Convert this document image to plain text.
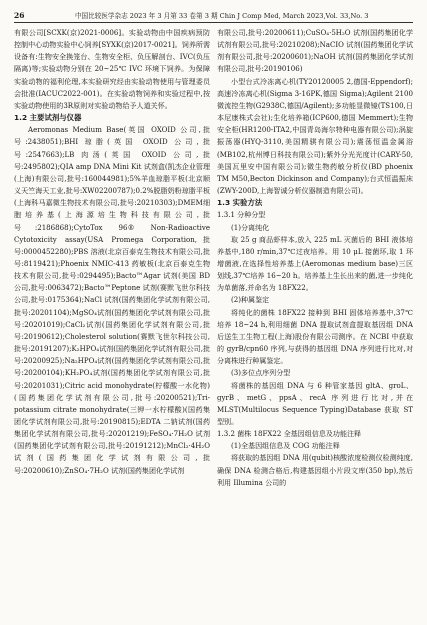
26	中国比较医学杂志 2023 年 3 月第 33 卷第 3 期 Chin J Comp Med, March 2023,Vol. 33,No. 3

有限公司[SCXK(京)2021-0006]。实验动物由中国疾病预防控制中心动物实验中心饲养[SYXK(京)2017-0021]。饲养所需设备有:生物安全换笼台、生物安全柜、负压解剖台、IVC(负压隔离)等;实验动物分别在 20~25℃ IVC 环境下饲养。为保障实验动物的福利伦理,本实验研究经由实验动物使用与管理委员会批准(IACUC2022-001)。在实验动物饲养和实验过程中,按实验动物使用的3R原则对实验动物给予人道关怀。

1.2 主要试剂与仪器

Aeromonas Medium Base(英国 OXOID 公司,批号:2438051);BHI 琼脂(英国 OXOID 公司,批号:2547663);LB 肉汤(英国 OXOID 公司,批号:2495802);QIA amp DNA Mini Kit 试剂盒(凯杰企业管理(上海)有限公司,批号:160044981);5%羊血琼脂平板(北京顺义天竺海天工业,批号:XW02200787);0.2%脱脂奶粉琼脂平板(上海科马嘉微生物技术有限公司,批号:20210303);DMEM细胞培养基(上海源培生物科技有限公司,批号:2186868);CytoTox 96® Non-Radioactive Cytotoxicity assay(USA Promega Corporation,批号:0000452280);PBS 溶液(北京百泰克生物技术有限公司,批号:8119421);Phoenix NMIC-413 药敏板(北京百泰克生物技术有限公司,批号:0294495);Bacto™Agar 试剂(美国 BD 公司,批号:0063472);Bacto™Peptone 试剂(赛默飞世尔科技公司,批号:0175364);NaCl 试剂(国药集团化学试剂有限公司,批号:20201104);MgSO₄试剂(国药集团化学试剂有限公司,批号:20201019);CaCl₂试剂(国药集团化学试剂有限公司,批号:20190612);Cholesterol solution(赛默飞世尔科技公司,批号:20191207);K₂HPO₄试剂(国药集团化学试剂有限公司,批号:20200925);Na₂HPO₄试剂(国药集团化学试剂有限公司,批号:20200104);KH₂PO₄试剂(国药集团化学试剂有限公司,批号:20201031);Citric acid monohydrate(柠檬酸一水化物)(国药集团化学试剂有限公司,批号:20200521);Tri-potassium citrate monohydrate(三钾一水柠檬酸)(国药集团化学试剂有限公司,批号:20190815);EDTA 二钠试剂(国药集团化学试剂有限公司,批号:20201219);FeSO₄·7H₂O 试剂(国药集团化学试剂有限公司,批号:20191212);MnCl₂·4H₂O 试剂(国药集团化学试剂有限公司,批号:20200610);ZnSO₄·7H₂O 试剂(国药集团化学试剂

有限公司,批号:20200611);CuSO₄·5H₂O 试剂(国药集团化学试剂有限公司,批号:20210208);NaCIO 试剂(国药集团化学试剂有限公司,批号:20200601);NaOH 试剂(国药集团化学试剂有限公司,批号:20190106)

小型台式冷冻离心机(TY20120005 2,德国-Eppendorf);高速冷冻离心机(Sigma 3-16PK,德国 Sigma);Agilent 2100 微流控生物(G2938C,德国/Agilent);多功能显微镜(TS100,日本尼康株式会社);生化培养箱(ICP600,德国 Memmert);生物安全柜(HR1200-ITA2,中国青岛海尔特种电器有限公司);涡旋振荡器(HYQ-3110,美国精骐有限公司);震荡恒温金属浴(MB102,杭州博日科技有限公司);紫外分光光度计(CARY-50,美国瓦里安中国有限公司);微生物药敏分析仪(BD phoenix TM M50,Becton Dickinson and Company);台式恒温振床(ZWY-200D,上海智诚分析仪器制造有限公司)。

1.3 实验方法
1.3.1 分种分型
(1)分离纯化

取 25 g 商品虾样本,放入 225 mL 灭菌后的 BHI 液体培养基中,180 r/min,37℃过夜培养。用 10 μL 接菌环,取 1 环增菌液,在选择性培养基上(Aeromonas medium base)三区划线,37℃培养 16~20 h。培养基上生长出来的菌,进一步纯化为单菌落,并命名为 18FX22。

(2)种属鉴定

将纯化的菌株 18FX22 接种到 BHI 固体培养基中,37℃培养 18~24 h,利用细菌 DNA 提取试剂盒提取基因组 DNA 后送生工生物工程(上海)股份有限公司测序。在 NCBI 中获取的 gyrB/cpn60 序列,与获得的基因组 DNA 序列进行比对,对分离株进行种属鉴定。

(3)多位点序列分型

将菌株的基因组 DNA 与 6 种管家基因 gltA、groL、gyrB、metG、ppsA、recA 序列进行比对,并在 MLST(Multilocus Sequence Typing)Database 获取 ST 型别。

1.3.2 菌株 18FX22 全基因组信息及功能注释
(1)全基因组信息及 COG 功能注释

将获取的基因组 DNA 用(qubit)核酸浓度检测仪检测纯度,确保 DNA 检测合格后,构建基因组小片段文库(350 bp),然后利用 Illumina 公司的
